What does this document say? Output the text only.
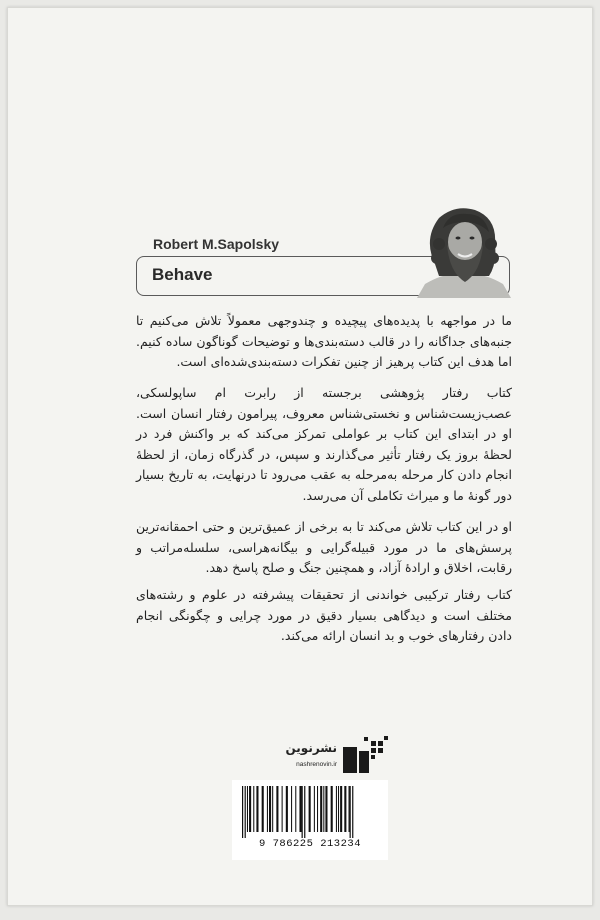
Robert M.Sapolsky
Behave

ما در مواجهه با پدیده‌های پیچیده و چندوجهی معمولاً تلاش می‌کنیم تا جنبه‌های جداگانه را در قالب دسته‌بندی‌ها و توضیحات گوناگون ساده کنیم. اما هدف این کتاب پرهیز از چنین تفکرات دسته‌بندی‌شده‌ای است.

کتاب رفتار پژوهشی برجسته از رابرت ام ساپولسکی، عصب‌زیست‌شناس و نخستی‌شناس معروف، پیرامون رفتار انسان است. او در ابتدای این کتاب بر عواملی تمرکز می‌کند که بر واکنش فرد در لحظهٔ بروز یک رفتار تأثیر می‌گذارند و سپس، در گذرگاه زمان، از لحظهٔ انجام دادن کار مرحله به‌مرحله به عقب می‌رود تا درنهایت، به تاریخ بسیار دور گونهٔ ما و میراث تکاملی آن می‌رسد.

او در این کتاب تلاش می‌کند تا به برخی از عمیق‌ترین و حتی احمقانه‌ترین پرسش‌های ما در مورد قبیله‌گرایی و بیگانه‌هراسی، سلسله‌مراتب و رقابت، اخلاق و ارادهٔ آزاد، و همچنین جنگ و صلح پاسخ دهد.

کتاب رفتار ترکیبی خواندنی از تحقیقات پیشرفته در علوم و رشته‌های مختلف است و دیدگاهی بسیار دقیق در مورد چرایی و چگونگی انجام دادن رفتارهای خوب و بد انسان ارائه می‌کند.

نشرنوین
nashrenovin.ir
9 786225 213234
